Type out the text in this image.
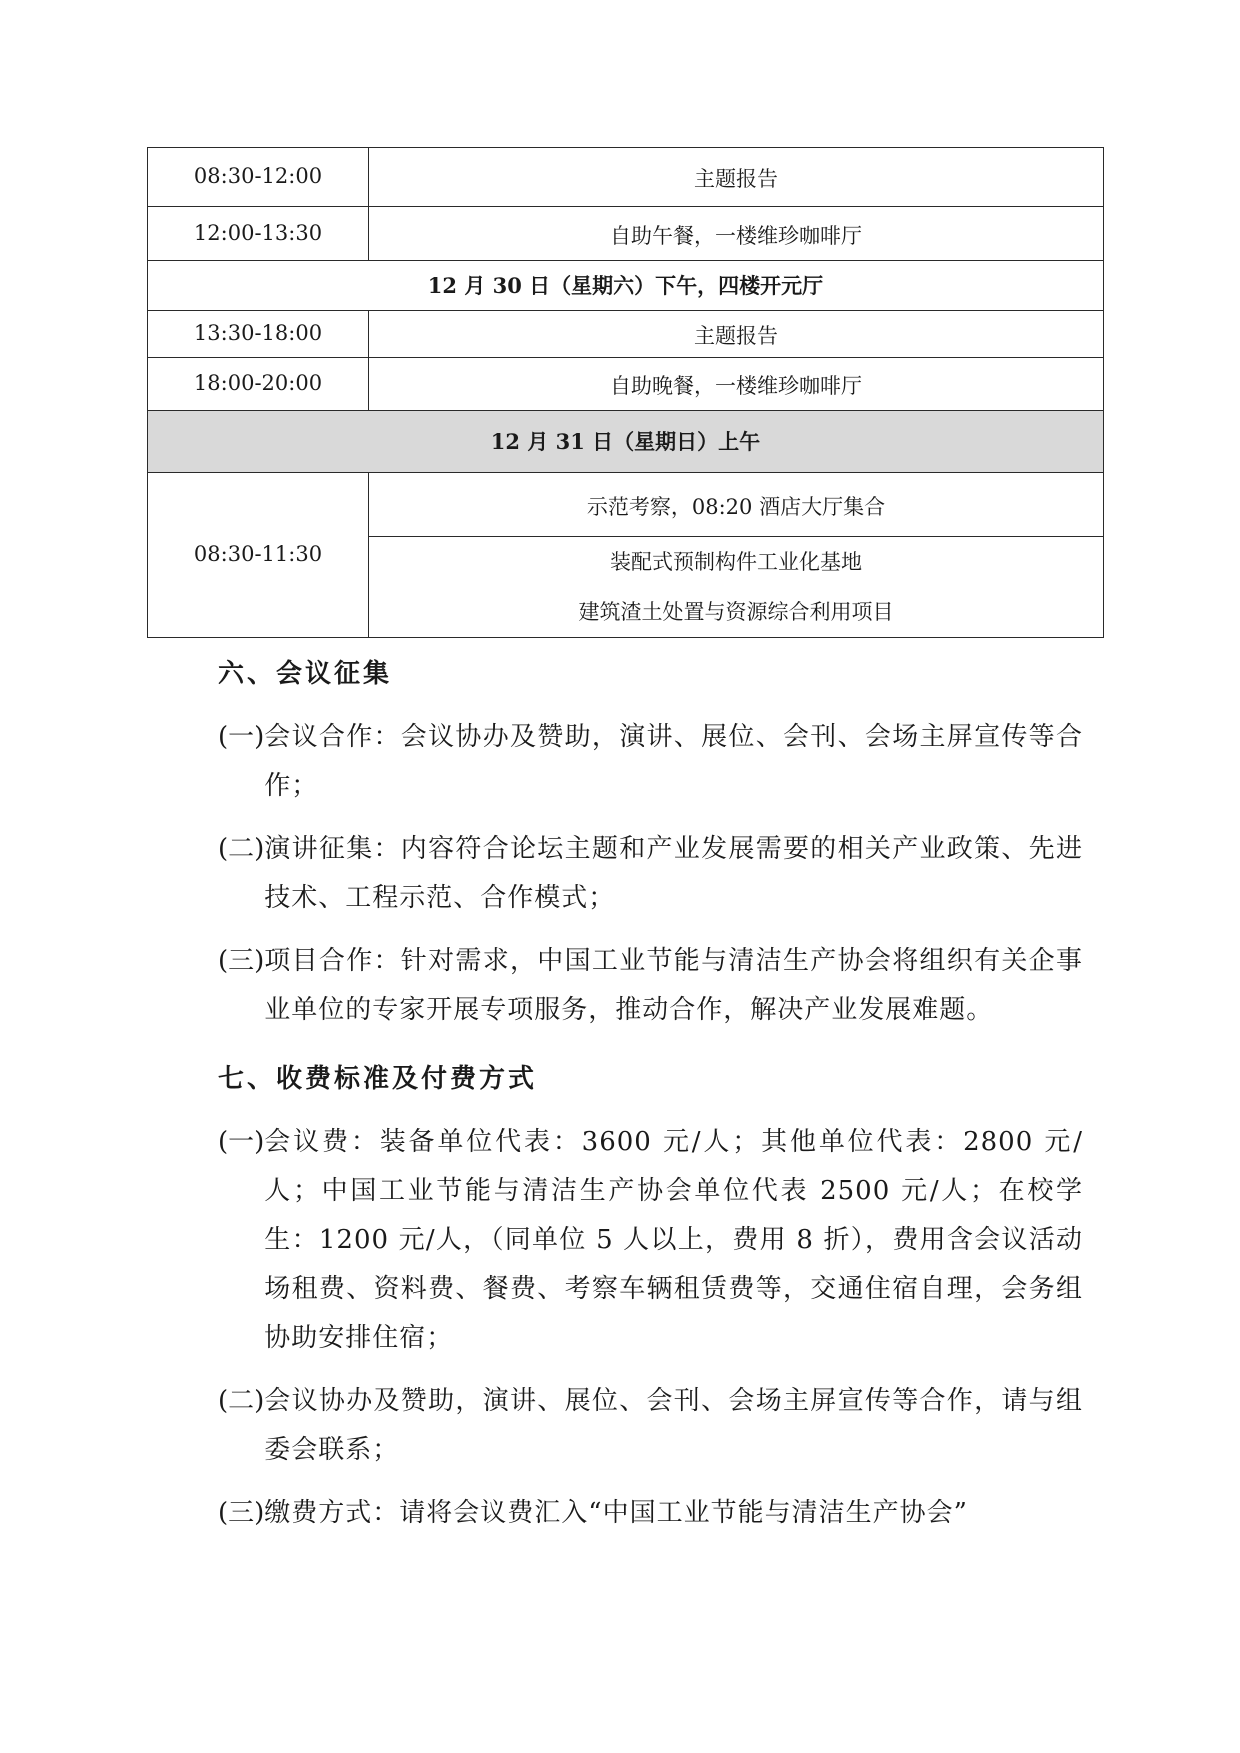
08:30-12:00	主题报告
12:00-13:30	自助午餐，一楼维珍咖啡厅
12 月 30 日（星期六）下午，四楼开元厅	
13:30-18:00	主题报告
18:00-20:00	自助晚餐，一楼维珍咖啡厅
12 月 31 日（星期日）上午	
08:30-11:30	示范考察，08:20 酒店大厅集合

	装配式预制构件工业化基地
建筑渣土处置与资源综合利用项目

六、会议征集

(一) 会议合作：会议协办及赞助，演讲、展位、会刊、会场主屏宣传等合作；
(二) 演讲征集：内容符合论坛主题和产业发展需要的相关产业政策、先进技术、工程示范、合作模式；
(三) 项目合作：针对需求，中国工业节能与清洁生产协会将组织有关企事业单位的专家开展专项服务，推动合作，解决产业发展难题。

七、收费标准及付费方式

(一) 会议费：装备单位代表：3600 元/人；其他单位代表：2800 元/人；中国工业节能与清洁生产协会单位代表 2500 元/人；在校学生：1200 元/人，（同单位 5 人以上，费用 8 折），费用含会议活动场租费、资料费、餐费、考察车辆租赁费等，交通住宿自理，会务组协助安排住宿；
(二) 会议协办及赞助，演讲、展位、会刊、会场主屏宣传等合作，请与组委会联系；
(三) 缴费方式：请将会议费汇入“中国工业节能与清洁生产协会”
